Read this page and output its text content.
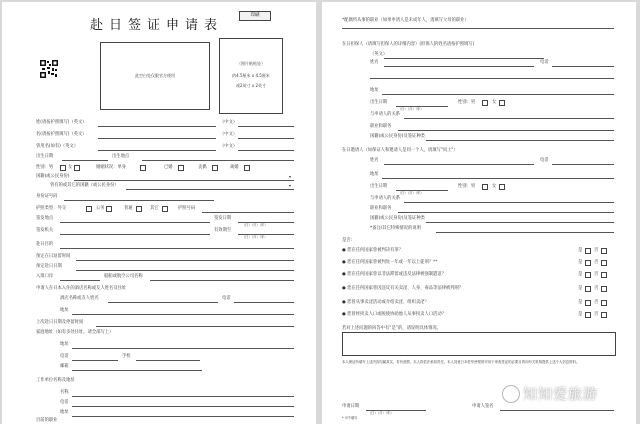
赴日签证申请表
印刷
此空白处仅限官方使用
（照片粘贴处）
约4.5厘米 x 4.5厘米
或2英寸 x 2英寸
姓(请按护照填写)（英文）	（中文）
名(请按护照填写)（英文）	（中文）
曾用名(如有)（英文）	（中文）
出生日期	出生地点
性别：男	女	婚姻状况：单身	已婚	丧偶	离婚
国籍(或公民身份)
曾有的或其它的国籍（或公民身份）
身份证号码
护照类型：外交	公务	普通	其它	护照号码
签发地点	签发日期
（日）（月）（年）
签发机关	有效期至
（日）（月）（年）
赴日目的
预定在日逗留时间
预定赴日日期
入境口岸	船舶或航空公司名称
申请人在日本入住的酒店名称或友人姓名及住址
酒店名称或友人姓名	电话
地址
上次赴日日期及停留时间
家庭地址（如有多处住址，请全部写上）
地址
电话	手机
邮箱
工作单位名称及地址
名称
电话
地址
目前的职业
*配偶所从事的职业（如果申请人是未成年人，请填写父母的职业）
在日担保人（请填写担保人的详细内容）(担保人的姓名请按护照填写)
（英文）
姓名	电话
地址
出生日期
（日）（月）（年）
性别：男	女
与申请人的关系
职业和职务
国籍(或公民身份)及签证种类
在日邀请人（如保证人和邀请人是同一个人，请填写"同上"）
姓名	电话
地址
出生日期
（日）（月）（年）
性别：男	女
与申请人的关系
职业和职务
国籍(或公民身份)及签证种类
*备注/其它特殊情况的说明
是否:
● 您在任何国家曾被判决有罪？	是	否
● 您在任何国家曾被判处一年或一年以上徒刑？**	是	否
● 您在任何国家曾以非法滞留或违反法律被强制遣返？	是	否
● 您在任何国家曾因违反有关卖淫、人身、毒品等法律被判刑？	是	否
● 您曾从事卖淫活动或介绍卖淫、组织卖淫？	是	否
● 您曾经拐卖人口或唆使协助他人从事拐卖人口活动？	是	否
若对上述问题的回答中有“是”的，请说明具体情况。
本人保证所填写上述内容均属真实，若有虚假，本人将依法承担责任。本人同意日本驻华使领馆可用于审查签证的必要目的向有关机构提供上述个人信息资料。
申请日期
（日）（月）（年）
申请人签名
* 可不填写
知知爱旅游
